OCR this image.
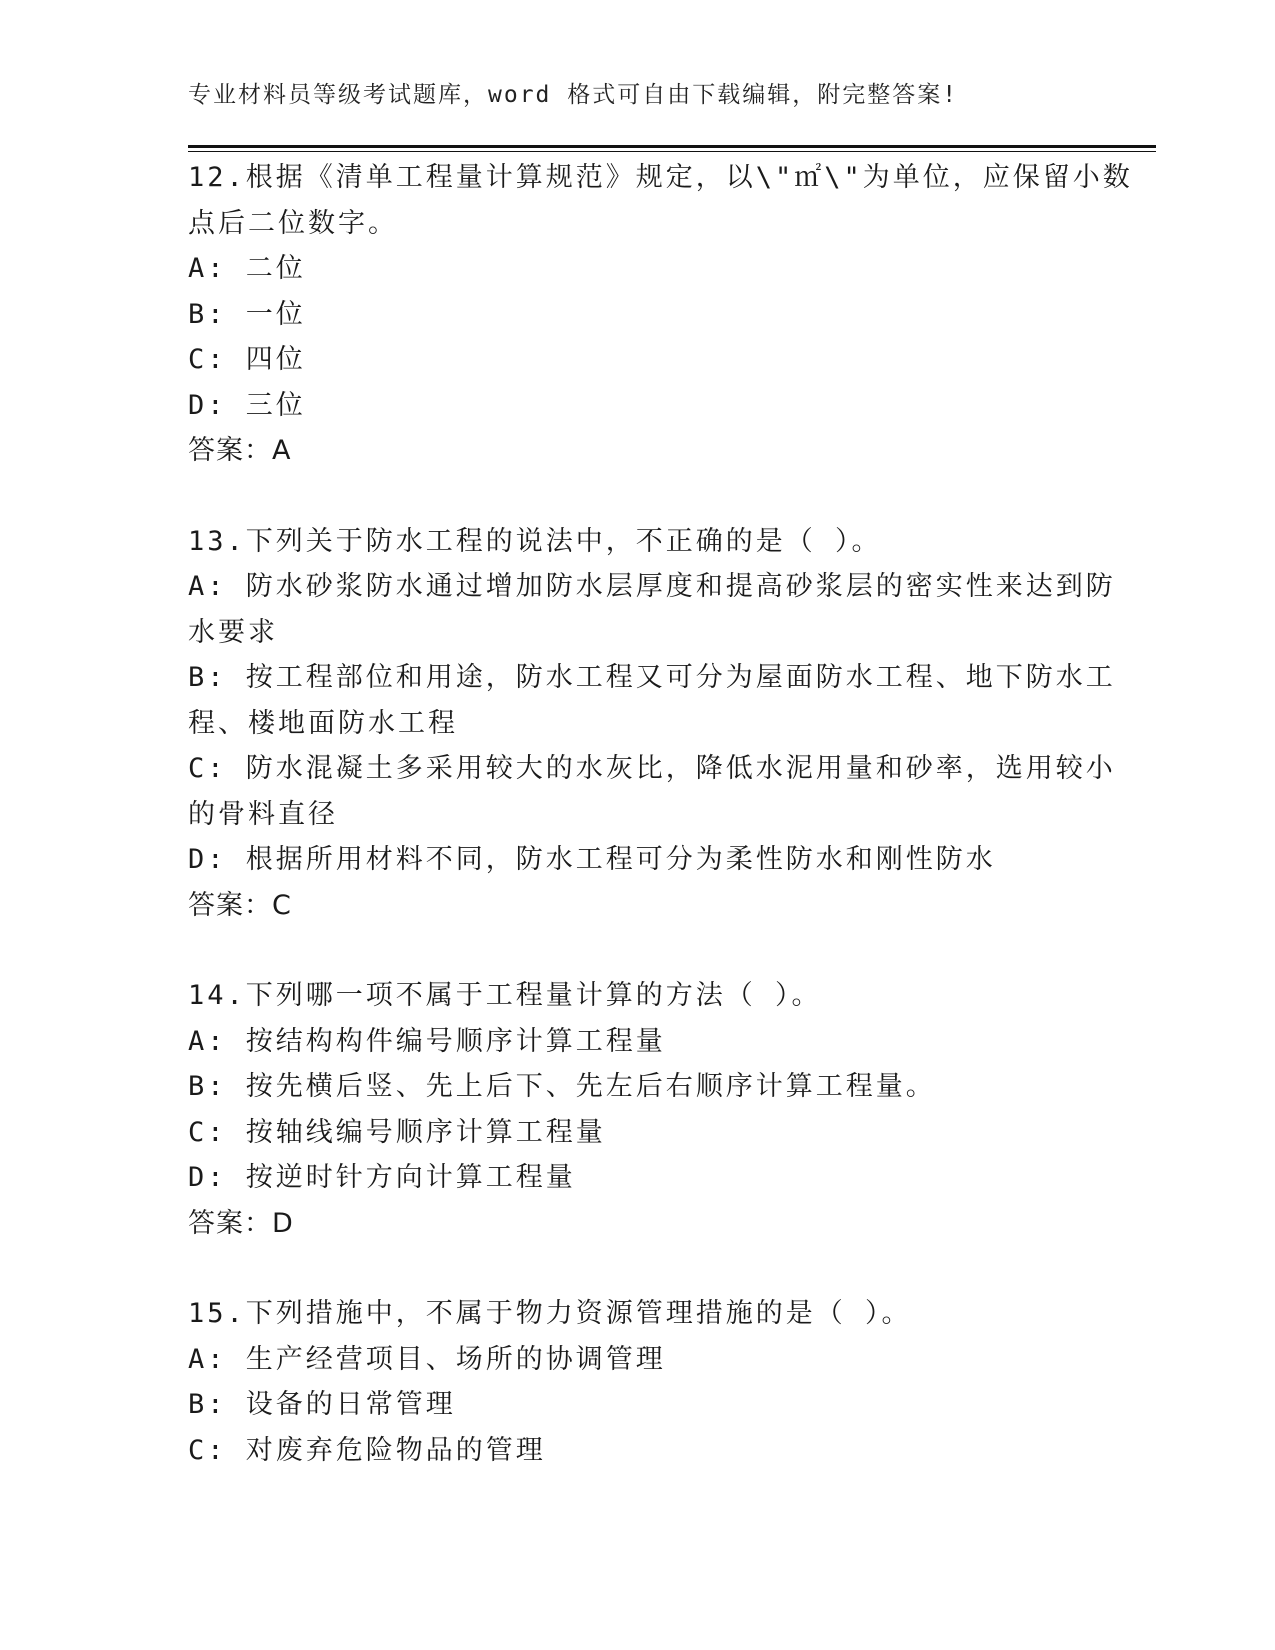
专业材料员等级考试题库，word 格式可自由下载编辑，附完整答案!
12.根据《清单工程量计算规范》规定，以\"㎡\"为单位，应保留小数
点后二位数字。
A: 二位
B: 一位
C: 四位
D: 三位
答案：A
13.下列关于防水工程的说法中，不正确的是（ ）。
A: 防水砂浆防水通过增加防水层厚度和提高砂浆层的密实性来达到防
水要求
B: 按工程部位和用途，防水工程又可分为屋面防水工程、地下防水工
程、楼地面防水工程
C: 防水混凝土多采用较大的水灰比，降低水泥用量和砂率，选用较小
的骨料直径
D: 根据所用材料不同，防水工程可分为柔性防水和刚性防水
答案：C
14.下列哪一项不属于工程量计算的方法（ ）。
A: 按结构构件编号顺序计算工程量
B: 按先横后竖、先上后下、先左后右顺序计算工程量。
C: 按轴线编号顺序计算工程量
D: 按逆时针方向计算工程量
答案：D
15.下列措施中，不属于物力资源管理措施的是（ ）。
A: 生产经营项目、场所的协调管理
B: 设备的日常管理
C: 对废弃危险物品的管理
